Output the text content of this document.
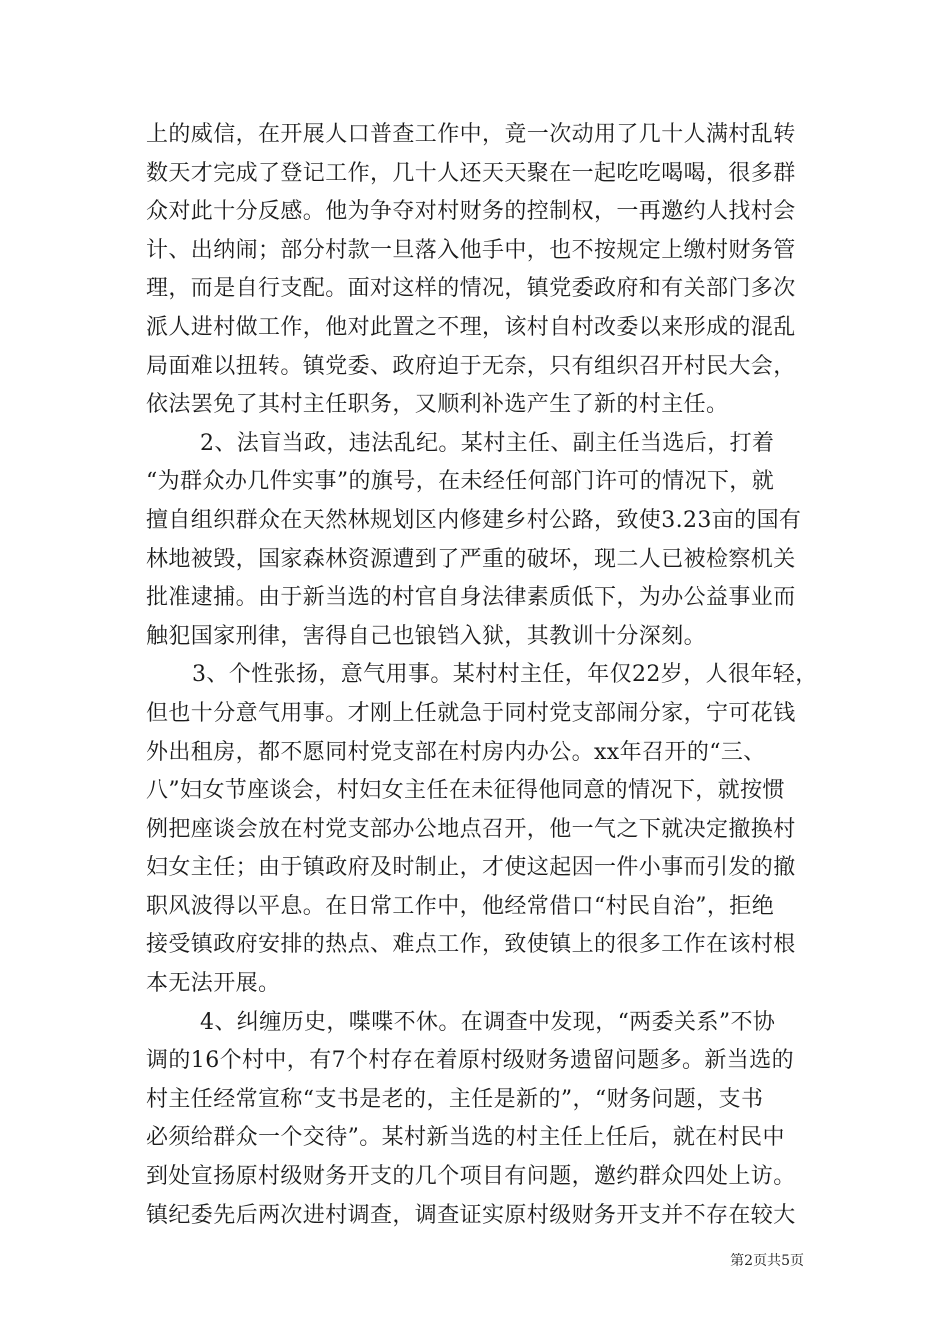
上的威信，在开展人口普查工作中，竟一次动用了几十人满村乱转
数天才完成了登记工作，几十人还天天聚在一起吃吃喝喝，很多群
众对此十分反感。他为争夺对村财务的控制权，一再邀约人找村会
计、出纳闹；部分村款一旦落入他手中，也不按规定上缴村财务管
理，而是自行支配。面对这样的情况，镇党委政府和有关部门多次
派人进村做工作，他对此置之不理，该村自村改委以来形成的混乱
局面难以扭转。镇党委、政府迫于无奈，只有组织召开村民大会，
依法罢免了其村主任职务，又顺利补选产生了新的村主任。
2、法盲当政，违法乱纪。某村主任、副主任当选后，打着
“为群众办几件实事”的旗号，在未经任何部门许可的情况下，就
擅自组织群众在天然林规划区内修建乡村公路，致使3.23亩的国有
林地被毁，国家森林资源遭到了严重的破坏，现二人已被检察机关
批准逮捕。由于新当选的村官自身法律素质低下，为办公益事业而
触犯国家刑律，害得自己也锒铛入狱，其教训十分深刻。
3、个性张扬，意气用事。某村村主任，年仅22岁，人很年轻，
但也十分意气用事。才刚上任就急于同村党支部闹分家，宁可花钱
外出租房，都不愿同村党支部在村房内办公。xx年召开的“三、
八”妇女节座谈会，村妇女主任在未征得他同意的情况下，就按惯
例把座谈会放在村党支部办公地点召开，他一气之下就决定撤换村
妇女主任；由于镇政府及时制止，才使这起因一件小事而引发的撤
职风波得以平息。在日常工作中，他经常借口“村民自治”，拒绝
接受镇政府安排的热点、难点工作，致使镇上的很多工作在该村根
本无法开展。
4、纠缠历史，喋喋不休。在调查中发现，“两委关系”不协
调的16个村中，有7个村存在着原村级财务遗留问题多。新当选的
村主任经常宣称“支书是老的，主任是新的”，“财务问题，支书
必须给群众一个交待”。某村新当选的村主任上任后，就在村民中
到处宣扬原村级财务开支的几个项目有问题，邀约群众四处上访。
镇纪委先后两次进村调查，调查证实原村级财务开支并不存在较大
第2页共5页
